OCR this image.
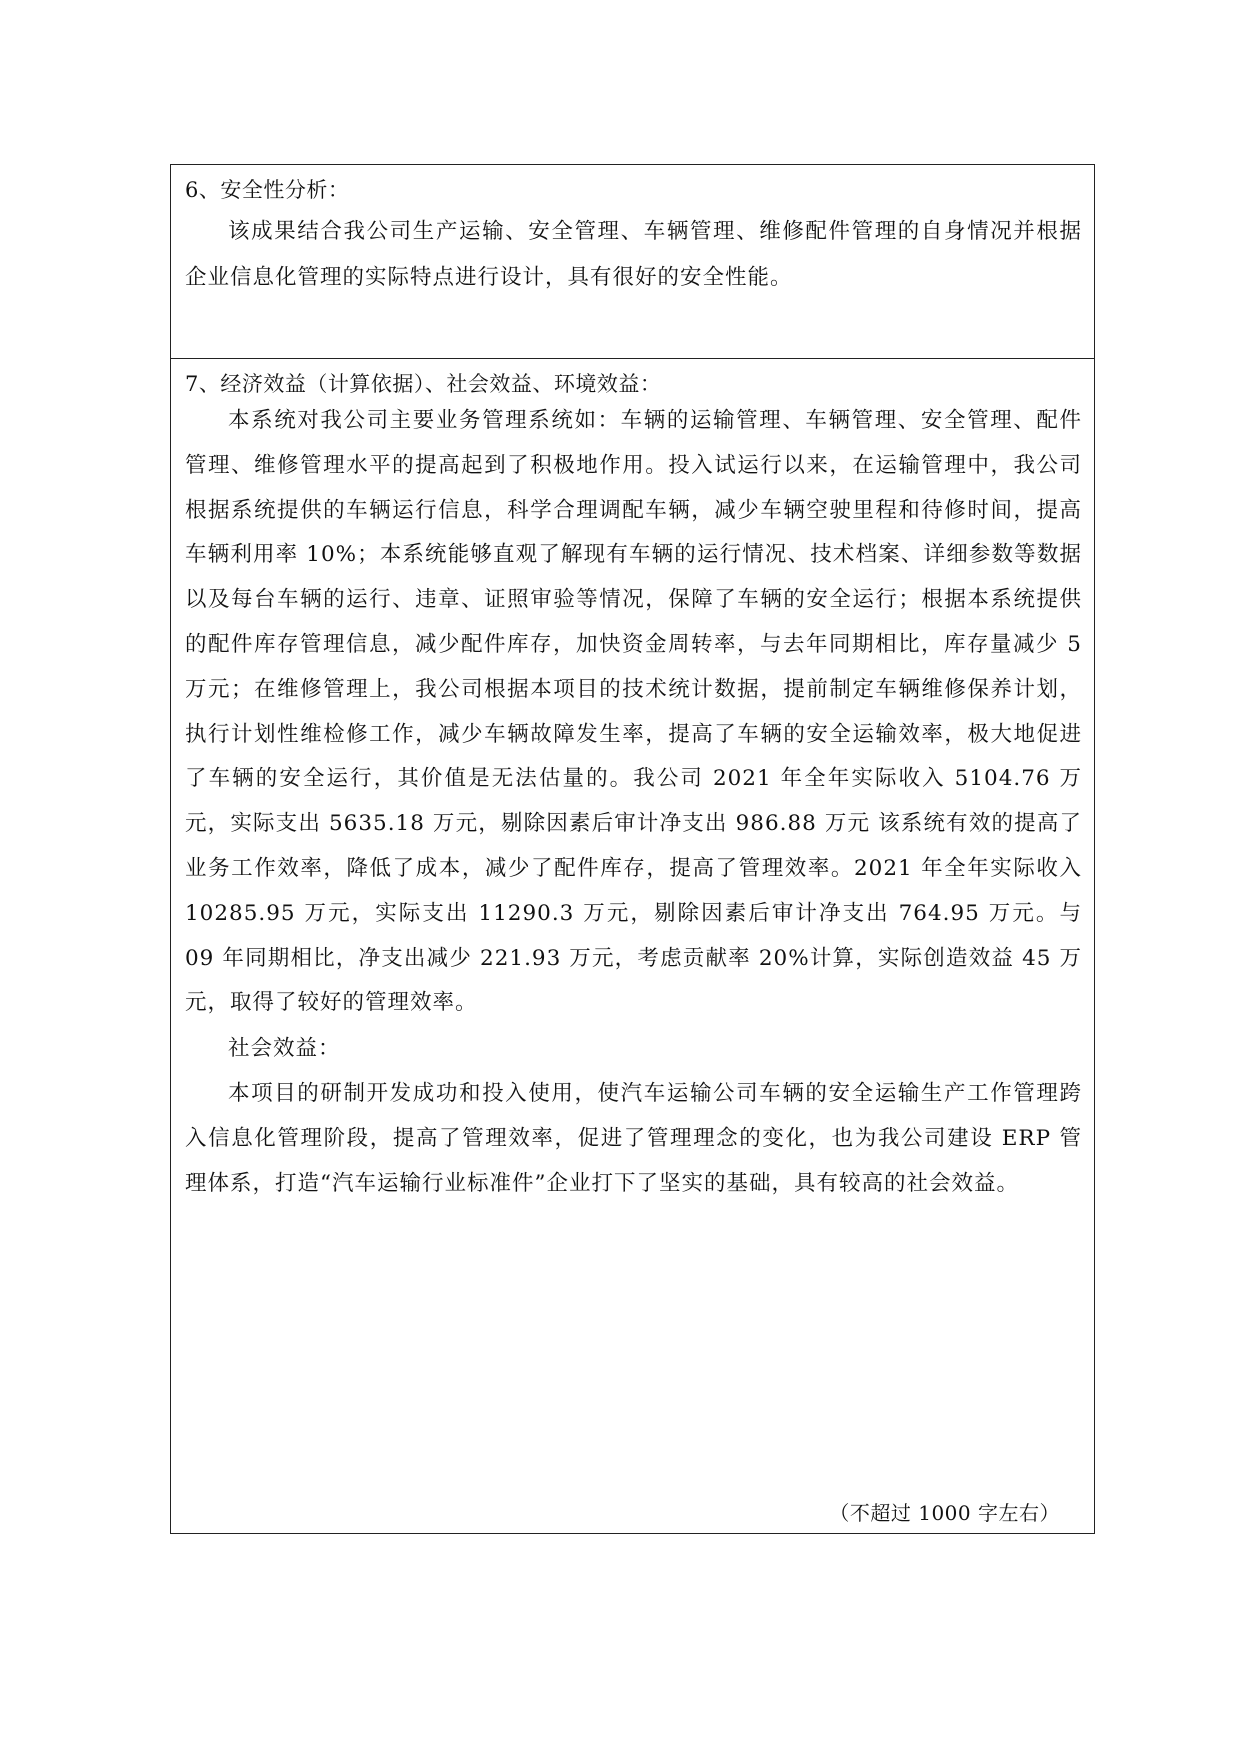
6、安全性分析：

该成果结合我公司生产运输、安全管理、车辆管理、维修配件管理的自身情况并根据企业信息化管理的实际特点进行设计，具有很好的安全性能。

7、经济效益（计算依据）、社会效益、环境效益：

本系统对我公司主要业务管理系统如：车辆的运输管理、车辆管理、安全管理、配件管理、维修管理水平的提高起到了积极地作用。投入试运行以来，在运输管理中，我公司根据系统提供的车辆运行信息，科学合理调配车辆，减少车辆空驶里程和待修时间，提高车辆利用率 10%；本系统能够直观了解现有车辆的运行情况、技术档案、详细参数等数据以及每台车辆的运行、违章、证照审验等情况，保障了车辆的安全运行；根据本系统提供的配件库存管理信息，减少配件库存，加快资金周转率，与去年同期相比，库存量减少 5 万元；在维修管理上，我公司根据本项目的技术统计数据，提前制定车辆维修保养计划，执行计划性维检修工作，减少车辆故障发生率，提高了车辆的安全运输效率，极大地促进了车辆的安全运行，其价值是无法估量的。我公司 2021 年全年实际收入 5104.76 万元，实际支出 5635.18 万元，剔除因素后审计净支出 986.88 万元 该系统有效的提高了业务工作效率，降低了成本，减少了配件库存，提高了管理效率。2021 年全年实际收入 10285.95 万元，实际支出 11290.3 万元，剔除因素后审计净支出 764.95 万元。与 09 年同期相比，净支出减少 221.93 万元，考虑贡献率 20%计算，实际创造效益 45 万元，取得了较好的管理效率。

社会效益：

本项目的研制开发成功和投入使用，使汽车运输公司车辆的安全运输生产工作管理跨入信息化管理阶段，提高了管理效率，促进了管理理念的变化，也为我公司建设 ERP 管理体系，打造“汽车运输行业标准件”企业打下了坚实的基础，具有较高的社会效益。

（不超过 1000 字左右）
